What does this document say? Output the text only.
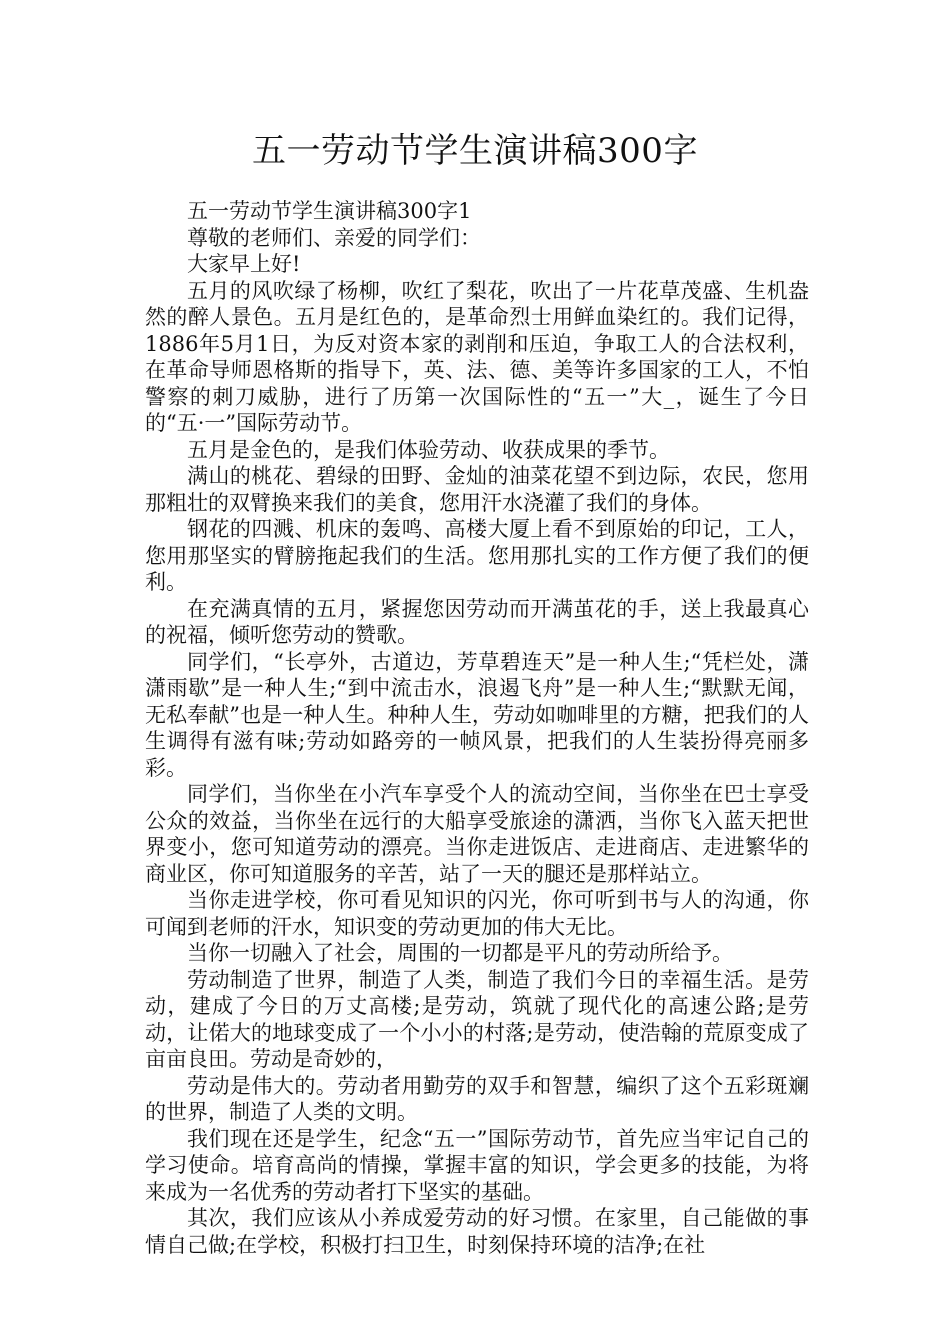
五一劳动节学生演讲稿300字

五一劳动节学生演讲稿300字1

尊敬的老师们、亲爱的同学们：

大家早上好!

五月的风吹绿了杨柳，吹红了梨花，吹出了一片花草茂盛、生机盎然的醉人景色。五月是红色的，是革命烈士用鲜血染红的。我们记得，1886年5月1日，为反对资本家的剥削和压迫，争取工人的合法权利，在革命导师恩格斯的指导下，英、法、德、美等许多国家的工人，不怕警察的刺刀威胁，进行了历第一次国际性的“五一”大_，诞生了今日的“五·一”国际劳动节。

五月是金色的，是我们体验劳动、收获成果的季节。

满山的桃花、碧绿的田野、金灿的油菜花望不到边际，农民，您用那粗壮的双臂换来我们的美食，您用汗水浇灌了我们的身体。

钢花的四溅、机床的轰鸣、高楼大厦上看不到原始的印记，工人，您用那坚实的臂膀拖起我们的生活。您用那扎实的工作方便了我们的便利。

在充满真情的五月，紧握您因劳动而开满茧花的手，送上我最真心的祝福，倾听您劳动的赞歌。

同学们，“长亭外，古道边，芳草碧连天”是一种人生;“凭栏处，潇潇雨歇”是一种人生;“到中流击水，浪遏飞舟”是一种人生;“默默无闻，无私奉献”也是一种人生。种种人生，劳动如咖啡里的方糖，把我们的人生调得有滋有味;劳动如路旁的一帧风景，把我们的人生装扮得亮丽多彩。

同学们，当你坐在小汽车享受个人的流动空间，当你坐在巴士享受公众的效益，当你坐在远行的大船享受旅途的潇洒，当你飞入蓝天把世界变小，您可知道劳动的漂亮。当你走进饭店、走进商店、走进繁华的商业区，你可知道服务的辛苦，站了一天的腿还是那样站立。

当你走进学校，你可看见知识的闪光，你可听到书与人的沟通，你可闻到老师的汗水，知识变的劳动更加的伟大无比。

当你一切融入了社会，周围的一切都是平凡的劳动所给予。

劳动制造了世界，制造了人类，制造了我们今日的幸福生活。是劳动，建成了今日的万丈高楼;是劳动，筑就了现代化的高速公路;是劳动，让偌大的地球变成了一个小小的村落;是劳动，使浩翰的荒原变成了亩亩良田。劳动是奇妙的，

劳动是伟大的。劳动者用勤劳的双手和智慧，编织了这个五彩斑斓的世界，制造了人类的文明。

我们现在还是学生，纪念“五一”国际劳动节，首先应当牢记自己的学习使命。培育高尚的情操，掌握丰富的知识，学会更多的技能，为将来成为一名优秀的劳动者打下坚实的基础。

其次，我们应该从小养成爱劳动的好习惯。在家里，自己能做的事情自己做;在学校，积极打扫卫生，时刻保持环境的洁净;在社
